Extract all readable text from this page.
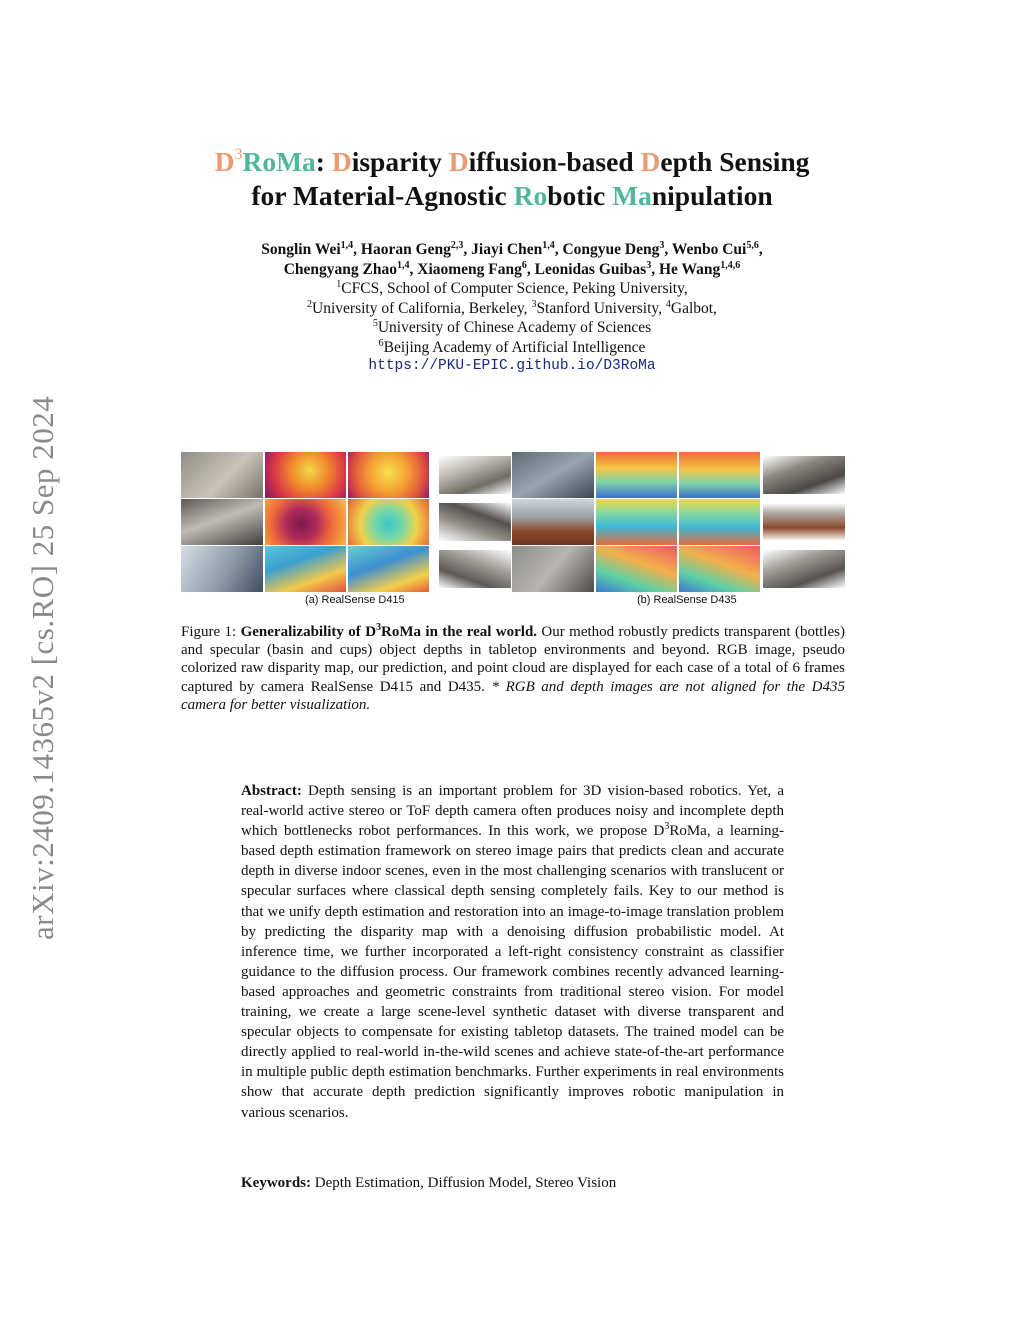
arXiv:2409.14365v2 [cs.RO] 25 Sep 2024
$D^3RoMa$: Disparity Diffusion-based Depth Sensing
for Material-Agnostic Robotic Manipulation
Songlin Wei$^{1,4}$, Haoran Geng$^{2,3}$, Jiayi Chen$^{1,4}$, Congyue Deng$^3$, Wenbo Cui$^{5,6}$,
Chengyang Zhao$^{1,4}$, Xiaomeng Fang$^6$, Leonidas Guibas$^3$, He Wang$^{1,4,6}$
$^1$CFCS, School of Computer Science, Peking University,
$^2$University of California, Berkeley, $^3$Stanford University, $^4$Galbot,
$^5$University of Chinese Academy of Sciences
$^6$Beijing Academy of Artificial Intelligence
https://PKU-EPIC.github.io/D3RoMa
(a) RealSense D415	(b) RealSense D435
Figure 1: Generalizability of $D^3RoMa$ in the real world. Our method robustly predicts transparent (bottles) and specular (basin and cups) object depths in tabletop environments and beyond. RGB image, pseudo colorized raw disparity map, our prediction, and point cloud are displayed for each case of a total of 6 frames captured by camera RealSense D415 and D435. * RGB and depth images are not aligned for the D435 camera for better visualization.
Abstract: Depth sensing is an important problem for 3D vision-based robotics. Yet, a real-world active stereo or ToF depth camera often produces noisy and incomplete depth which bottlenecks robot performances. In this work, we propose $D^3RoMa$, a learning-based depth estimation framework on stereo image pairs that predicts clean and accurate depth in diverse indoor scenes, even in the most challenging scenarios with translucent or specular surfaces where classical depth sensing completely fails. Key to our method is that we unify depth estimation and restoration into an image-to-image translation problem by predicting the disparity map with a denoising diffusion probabilistic model. At inference time, we further incorporated a left-right consistency constraint as classifier guidance to the diffusion process. Our framework combines recently advanced learning-based approaches and geometric constraints from traditional stereo vision. For model training, we create a large scene-level synthetic dataset with diverse transparent and specular objects to compensate for existing tabletop datasets. The trained model can be directly applied to real-world in-the-wild scenes and achieve state-of-the-art performance in multiple public depth estimation benchmarks. Further experiments in real environments show that accurate depth prediction significantly improves robotic manipulation in various scenarios.
Keywords: Depth Estimation, Diffusion Model, Stereo Vision
